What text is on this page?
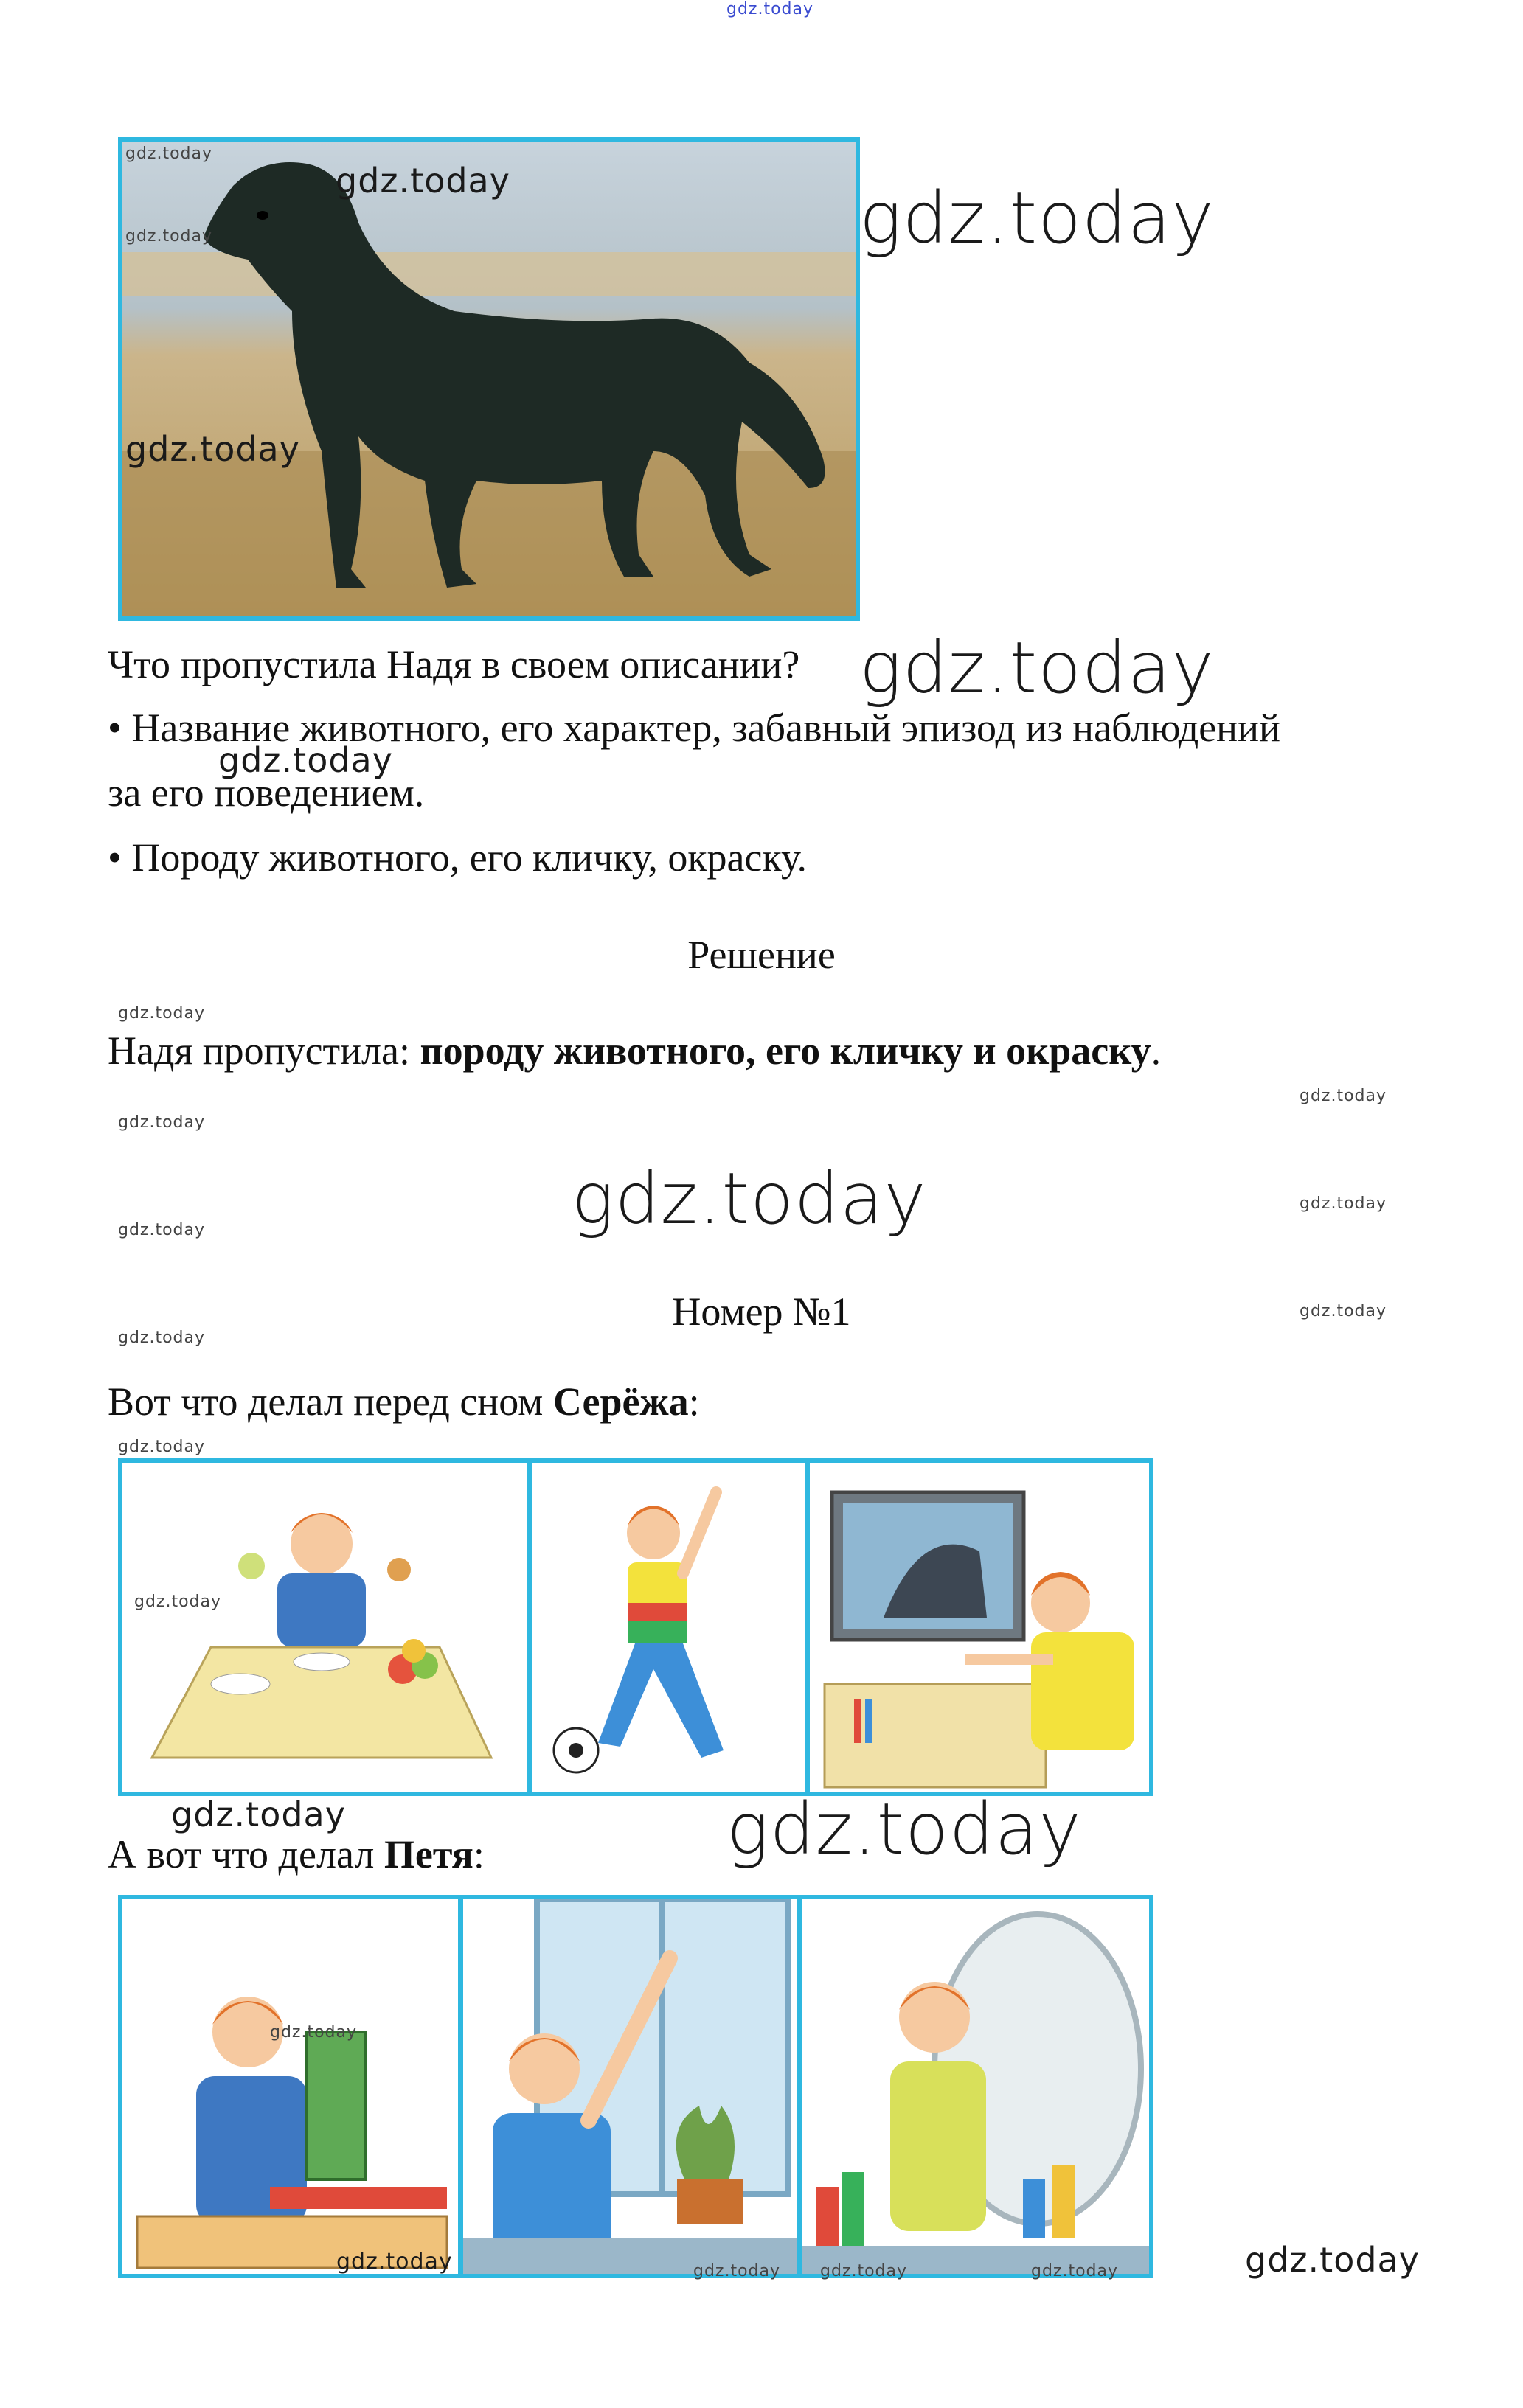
gdz.today
gdz.today
gdz.today
gdz.today
gdz.today
gdz.today
Что пропустила Надя в своем описании? gdz.today
• Название животного, его характер, забавный эпизод из наблюдений
gdz.today
за его поведением.
• Породу животного, его кличку, окраску.
Решение
gdz.today
Надя пропустила: породу животного, его кличку и окраску.
gdz.today
gdz.today
gdz.today	gdz.today
gdz.today
Номер №1	gdz.today
gdz.today
Вот что делал перед сном Серёжа:
gdz.today
gdz.today
gdz.today	gdz.today
А вот что делал Петя:
gdz.today
gdz.today	gdz.today gdz.today	gdz.today	gdz.today
